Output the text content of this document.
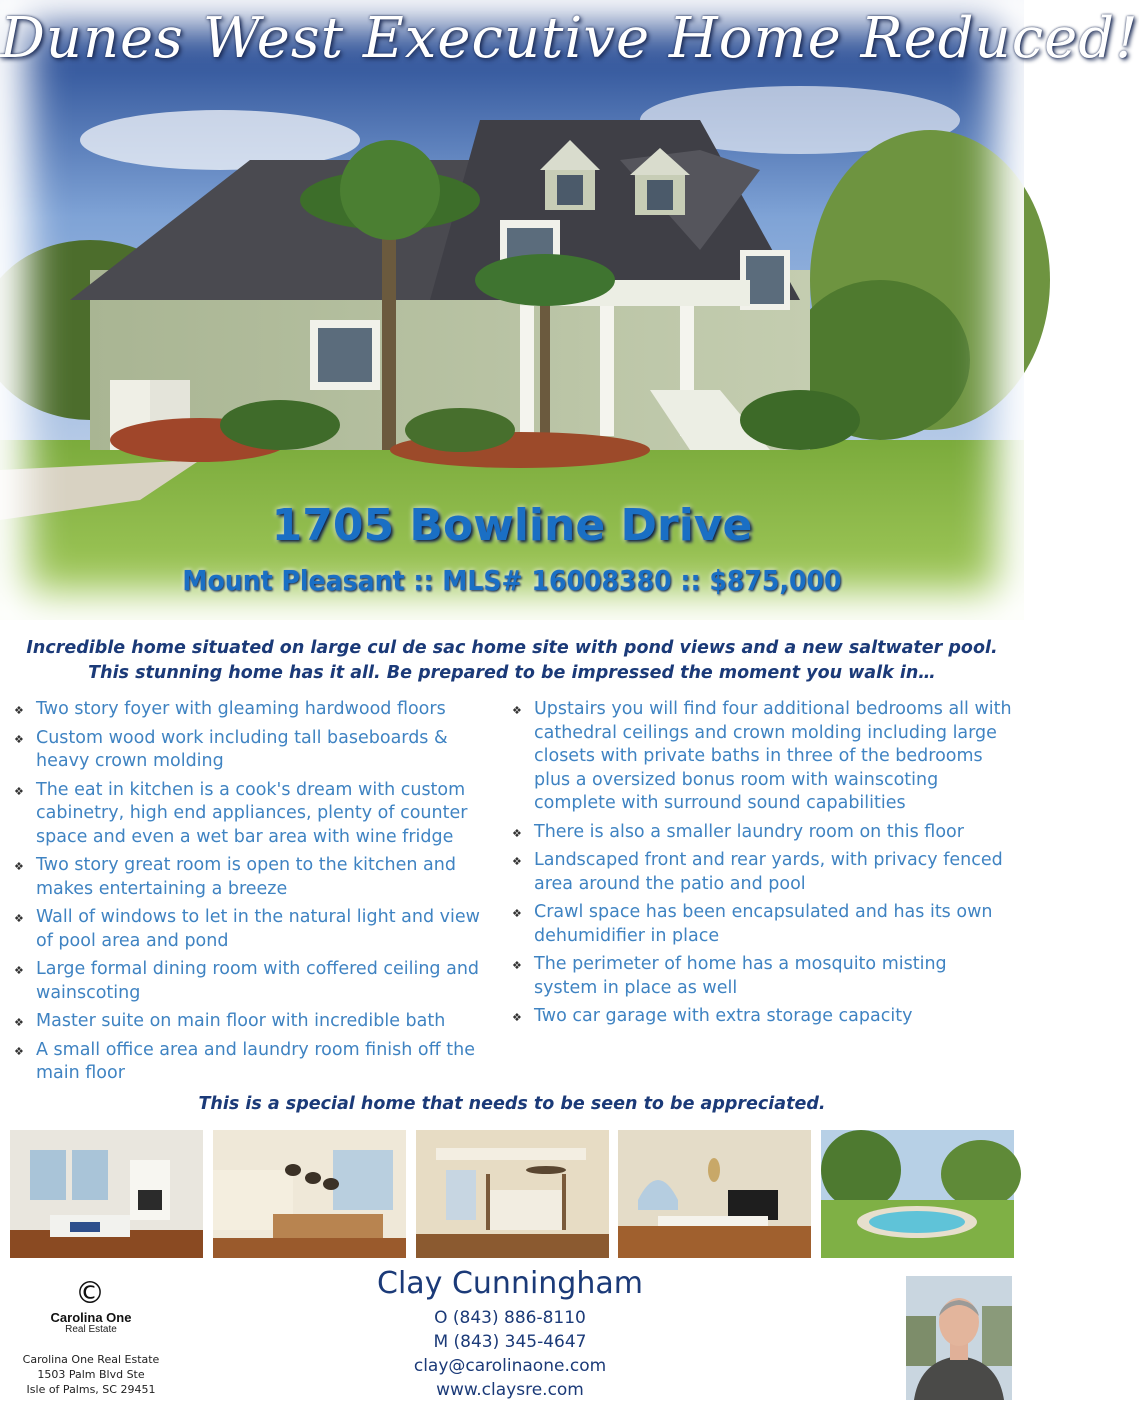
Dunes West Executive Home Reduced!
1705 Bowline Drive
Mount Pleasant :: MLS# 16008380 :: $875,000
Incredible home situated on large cul de sac home site with pond views and a new saltwater pool.
This stunning home has it all. Be prepared to be impressed the moment you walk in…
❖ Two story foyer with gleaming hardwood floors
❖ Custom wood work including tall baseboards & heavy crown molding
❖ The eat in kitchen is a cook's dream with custom cabinetry, high end appliances, plenty of counter space and even a wet bar area with wine fridge
❖ Two story great room is open to the kitchen and makes entertaining a breeze
❖ Wall of windows to let in the natural light and view of pool area and pond
❖ Large formal dining room with coffered ceiling and wainscoting
❖ Master suite on main floor with incredible bath
❖ A small office area and laundry room finish off the main floor
❖ Upstairs you will find four additional bedrooms all with cathedral ceilings and crown molding including large closets with private baths in three of the bedrooms plus a oversized bonus room with wainscoting complete with surround sound capabilities
❖ There is also a smaller laundry room on this floor
❖ Landscaped front and rear yards, with privacy fenced area around the patio and pool
❖ Crawl space has been encapsulated and has its own dehumidifier in place
❖ The perimeter of home has a mosquito misting system in place as well
❖ Two car garage with extra storage capacity
This is a special home that needs to be seen to be appreciated.
©
Carolina One
Real Estate
Carolina One Real Estate
1503 Palm Blvd Ste
Isle of Palms, SC 29451
Clay Cunningham
O (843) 886-8110
M (843) 345-4647
clay@carolinaone.com
www.claysre.com
